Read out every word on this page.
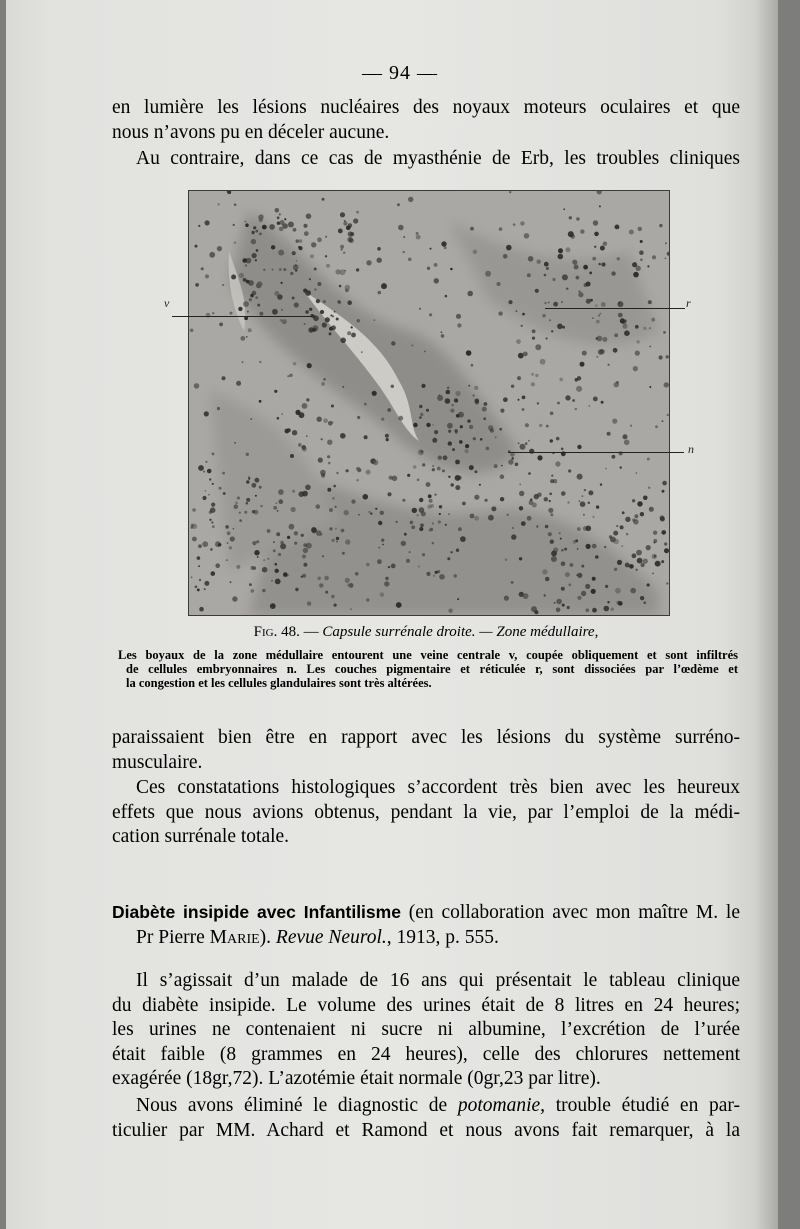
— 94 —
en lumière les lésions nucléaires des noyaux moteurs oculaires et que
nous n’avons pu en déceler aucune.
Au contraire, dans ce cas de myasthénie de Erb, les troubles cliniques
v	r
n
Fig. 48. — Capsule surrénale droite. — Zone médullaire,
Les boyaux de la zone médullaire entourent une veine centrale v, coupée obliquement et sont infiltrés
de cellules embryonnaires n. Les couches pigmentaire et réticulée r, sont dissociées par l’œdème et
la congestion et les cellules glandulaires sont très altérées.
paraissaient bien être en rapport avec les lésions du système surréno-
musculaire.
Ces constatations histologiques s’accordent très bien avec les heureux
effets que nous avions obtenus, pendant la vie, par l’emploi de la médi-
cation surrénale totale.
Diabète insipide avec Infantilisme (en collaboration avec mon maître M. le
Pr Pierre Marie). Revue Neurol., 1913, p. 555.
Il s’agissait d’un malade de 16 ans qui présentait le tableau clinique
du diabète insipide. Le volume des urines était de 8 litres en 24 heures;
les urines ne contenaient ni sucre ni albumine, l’excrétion de l’urée
était faible (8 grammes en 24 heures), celle des chlorures nettement
exagérée (18gr,72). L’azotémie était normale (0gr,23 par litre).
Nous avons éliminé le diagnostic de potomanie, trouble étudié en par-
ticulier par MM. Achard et Ramond et nous avons fait remarquer, à la
